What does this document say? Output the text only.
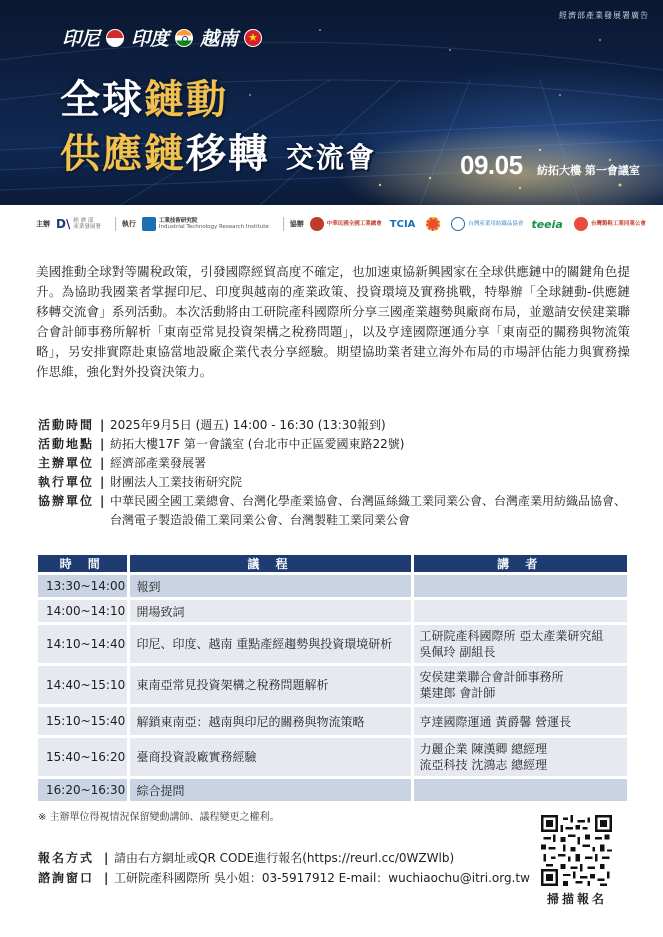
經濟部產業發展署廣告
印尼 印度 越南
★
全球鏈動
供應鏈移轉 交流會	09.05 紡拓大樓 第一會議室
主辦 D\ 經 濟 部
產業發展署	執行	工業技術研究院
Industrial Technology Research Institute	協辦	中華民國全國工業總會 TCIA	台灣產業用紡織品協會 teeia	台灣製鞋工業同業公會

美國推動全球對等關稅政策，引發國際經貿高度不確定，也加速東協新興國家在全球供應鏈中的關鍵角色提升。為協助我國業者掌握印尼、印度與越南的產業政策、投資環境及實務挑戰，特舉辦「全球鏈動-供應鏈移轉交流會」系列活動。本次活動將由工研院產科國際所分享三國產業趨勢與廠商布局，並邀請安侯建業聯合會計師事務所解析「東南亞常見投資架構之稅務問題」，以及亨達國際運通分享「東南亞的關務與物流策略」，另安排實際赴東協當地設廠企業代表分享經驗。期望協助業者建立海外布局的市場評估能力與實務操作思維，強化對外投資決策力。

活動時間 | 2025年9月5日 (週五) 14:00 - 16:30 (13:30報到)
活動地點 | 紡拓大樓17F 第一會議室 (台北市中正區愛國東路22號)
主辦單位 | 經濟部產業發展署
執行單位 | 財團法人工業技術研究院
協辦單位 | 中華民國全國工業總會、台灣化學產業協會、台灣區絲織工業同業公會、台灣產業用紡織品協會、
台灣電子製造設備工業同業公會、台灣製鞋工業同業公會
時 間	議 程	講 者
13:30~14:00	報到	
14:00~14:10	開場致詞	
14:10~14:40	印尼、印度、越南 重點產經趨勢與投資環境研析	工研院產科國際所 亞太產業研究組
吳佩玲 副組長
14:40~15:10	東南亞常見投資架構之稅務問題解析	安侯建業聯合會計師事務所
葉建郎 會計師
15:10~15:40	解鎖東南亞：越南與印尼的關務與物流策略	亨達國際運通 黃爵馨 營運長
15:40~16:20	臺商投資設廠實務經驗	力麗企業 陳漢卿 總經理
流亞科技 沈鴻志 總經理
16:20~16:30	綜合提問	
※ 主辦單位得視情況保留變動講師、議程變更之權利。
報名方式 | 請由右方網址或QR CODE進行報名(https://reurl.cc/0WZWlb)
諮詢窗口 | 工研院產科國際所 吳小姐：03-5917912 E-mail：wuchiaochu@itri.org.tw
掃描報名
